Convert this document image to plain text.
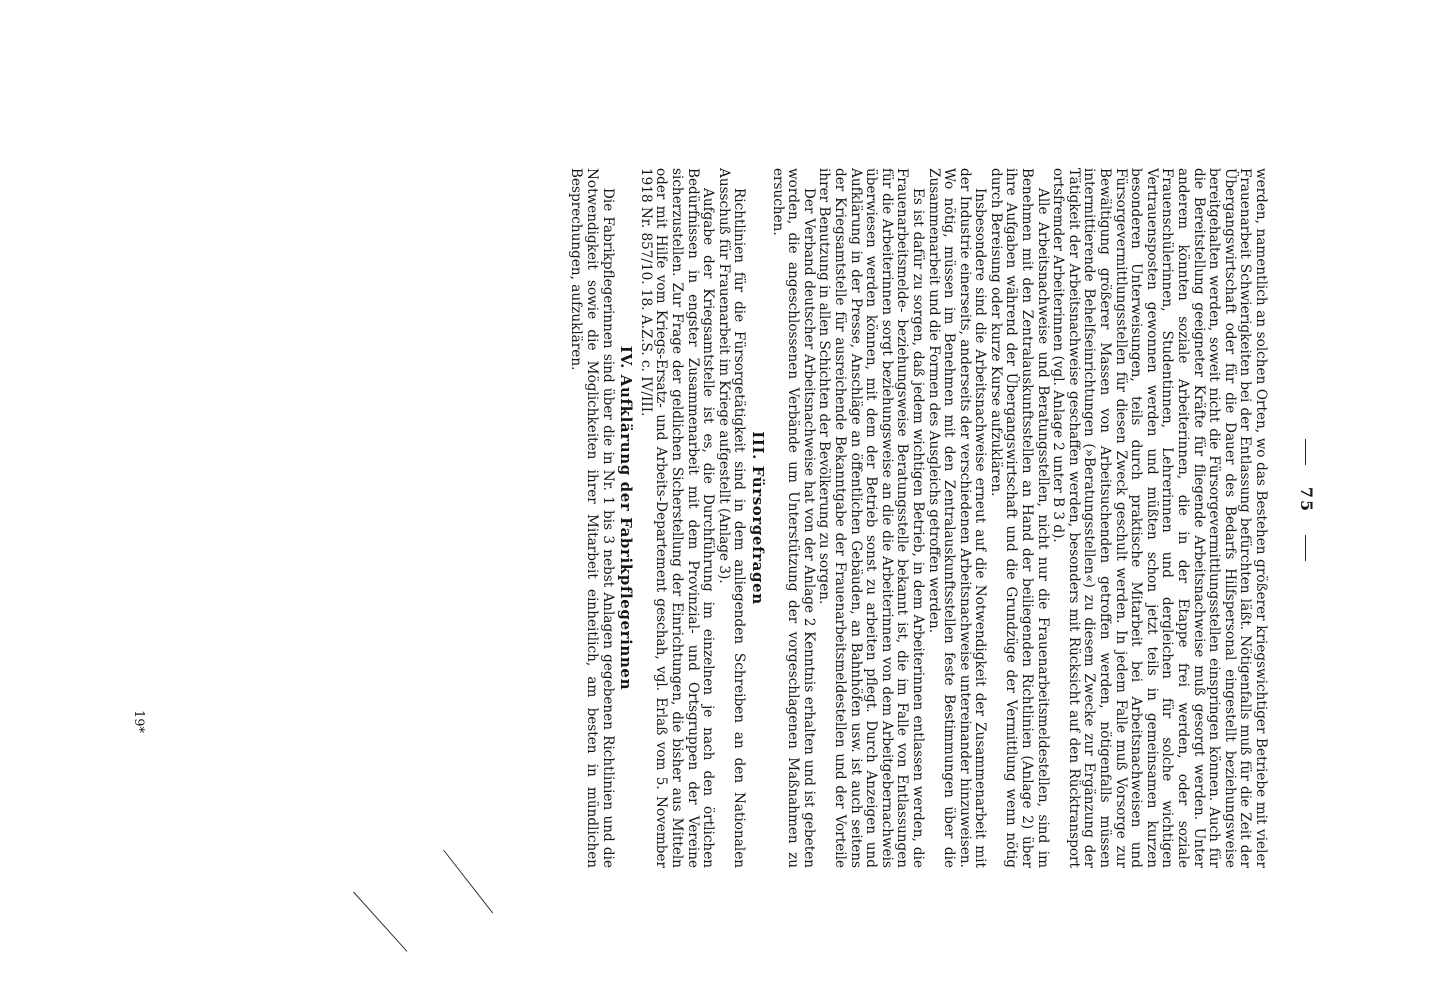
75

werden, namentlich an solchen Orten, wo das Bestehen größerer kriegswichtiger Betriebe mit vieler Frauenarbeit Schwierigkeiten bei der Entlassung befürchten läßt. Nötigenfalls muß für die Zeit der Übergangswirtschaft oder für die Dauer des Bedarfs Hilfspersonal eingestellt beziehungsweise bereitgehalten werden, soweit nicht die Fürsorgevermittlungsstellen einspringen können. Auch für die Bereitstellung geeigneter Kräfte für fliegende Arbeitsnachweise muß gesorgt werden. Unter anderem könnten soziale Arbeiterinnen, die in der Etappe frei werden, oder soziale Frauenschülerinnen, Studentinnen, Lehrerinnen und dergleichen für solche wichtigen Vertrauensposten gewonnen werden und müßten schon jetzt teils in gemeinsamen kurzen besonderen Unterweisungen, teils durch praktische Mitarbeit bei Arbeitsnachweisen und Fürsorgevermittlungsstellen für diesen Zweck geschult werden. In jedem Falle muß Vorsorge zur Bewältigung größerer Massen von Arbeitsuchenden getroffen werden, nötigenfalls müssen intermittierende Behelfseinrichtungen (»Beratungsstellen«) zu diesem Zwecke zur Ergänzung der Tätigkeit der Arbeitsnachweise geschaffen werden, besonders mit Rücksicht auf den Rücktransport ortsfremder Arbeiterinnen (vgl. Anlage 2 unter B 3 d).

Alle Arbeitsnachweise und Beratungsstellen, nicht nur die Frauenarbeitsmeldestellen, sind im Benehmen mit den Zentralauskunftsstellen an Hand der beiliegenden Richtlinien (Anlage 2) über ihre Aufgaben während der Übergangswirtschaft und die Grundzüge der Vermittlung wenn nötig durch Bereisung oder kurze Kurse aufzuklären.

Insbesondere sind die Arbeitsnachweise erneut auf die Notwendigkeit der Zusammenarbeit mit der Industrie einerseits, anderseits der verschiedenen Arbeitsnachweise untereinander hinzuweisen. Wo nötig, müssen im Benehmen mit den Zentralauskunftsstellen feste Bestimmungen über die Zusammenarbeit und die Formen des Ausgleichs getroffen werden.

Es ist dafür zu sorgen, daß jedem wichtigen Betrieb, in dem Arbeiterinnen entlassen werden, die Frauenarbeitsmelde- beziehungsweise Beratungsstelle bekannt ist, die im Falle von Entlassungen für die Arbeiterinnen sorgt beziehungsweise an die die Arbeiterinnen von dem Arbeitgebernachweis überwiesen werden können, mit dem der Betrieb sonst zu arbeiten pflegt. Durch Anzeigen und Aufklärung in der Presse, Anschläge an öffentlichen Gebäuden, an Bahnhöfen usw. ist auch seitens der Kriegsamtstelle für ausreichende Bekanntgabe der Frauenarbeitsmeldestellen und der Vorteile ihrer Benutzung in allen Schichten der Bevölkerung zu sorgen.

Der Verband deutscher Arbeitsnachweise hat von der Anlage 2 Kenntnis erhalten und ist gebeten worden, die angeschlossenen Verbände um Unterstützung der vorgeschlagenen Maßnahmen zu ersuchen.

III. Fürsorgefragen

Richtlinien für die Fürsorgetätigkeit sind in dem anliegenden Schreiben an den Nationalen Ausschuß für Frauenarbeit im Kriege aufgestellt (Anlage 3).

Aufgabe der Kriegsamtstelle ist es, die Durchführung im einzelnen je nach den örtlichen Bedürfnissen in engster Zusammenarbeit mit dem Provinzial- und Ortsgruppen der Vereine sicherzustellen. Zur Frage der geldlichen Sicherstellung der Einrichtungen, die bisher aus Mitteln oder mit Hilfe vom Kriegs-Ersatz- und Arbeits-Departement geschah, vgl. Erlaß vom 5. November 1918 Nr. 857/10. 18. A.Z.S. c. IV/III.

IV. Aufklärung der Fabrikpflegerinnen

Die Fabrikpflegerinnen sind über die in Nr. 1 bis 3 nebst Anlagen gegebenen Richtlinien und die Notwendigkeit sowie die Möglichkeiten ihrer Mitarbeit einheitlich, am besten in mündlichen Besprechungen, aufzuklären.

19*
